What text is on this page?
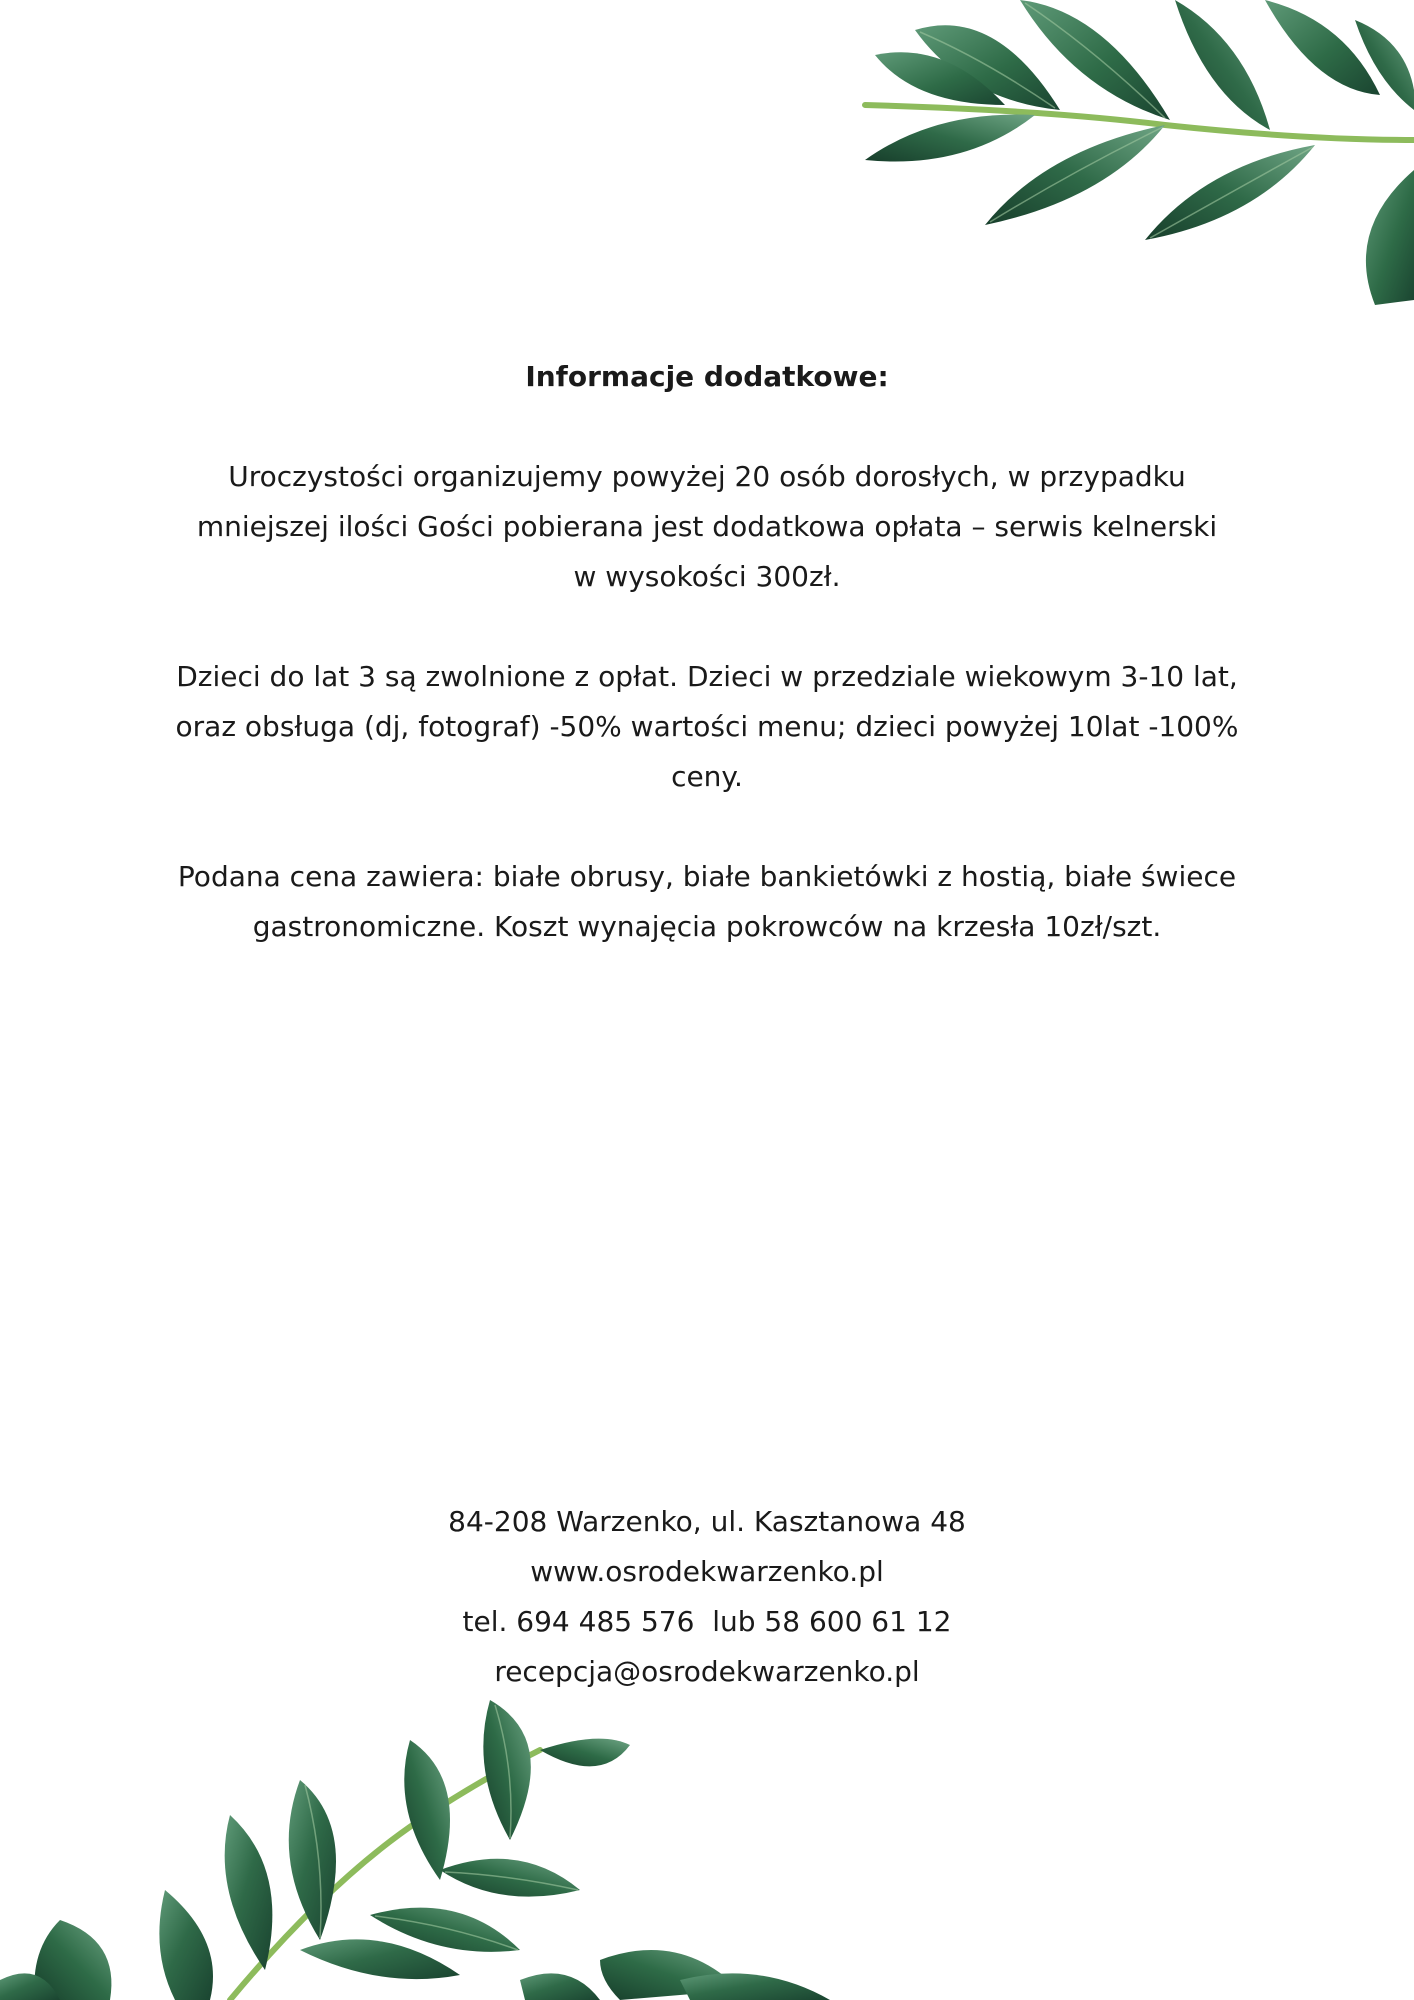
Informacje dodatkowe:

Uroczystości organizujemy powyżej 20 osób dorosłych, w przypadku
mniejszej ilości Gości pobierana jest dodatkowa opłata – serwis kelnerski
w wysokości 300zł.

Dzieci do lat 3 są zwolnione z opłat. Dzieci w przedziale wiekowym 3-10 lat,
oraz obsługa (dj, fotograf) -50% wartości menu; dzieci powyżej 10lat -100%
ceny.

Podana cena zawiera: białe obrusy, białe bankietówki z hostią, białe świece
gastronomiczne. Koszt wynajęcia pokrowców na krzesła 10zł/szt.

84-208 Warzenko, ul. Kasztanowa 48
www.osrodekwarzenko.pl
tel. 694 485 576  lub 58 600 61 12
recepcja@osrodekwarzenko.pl
